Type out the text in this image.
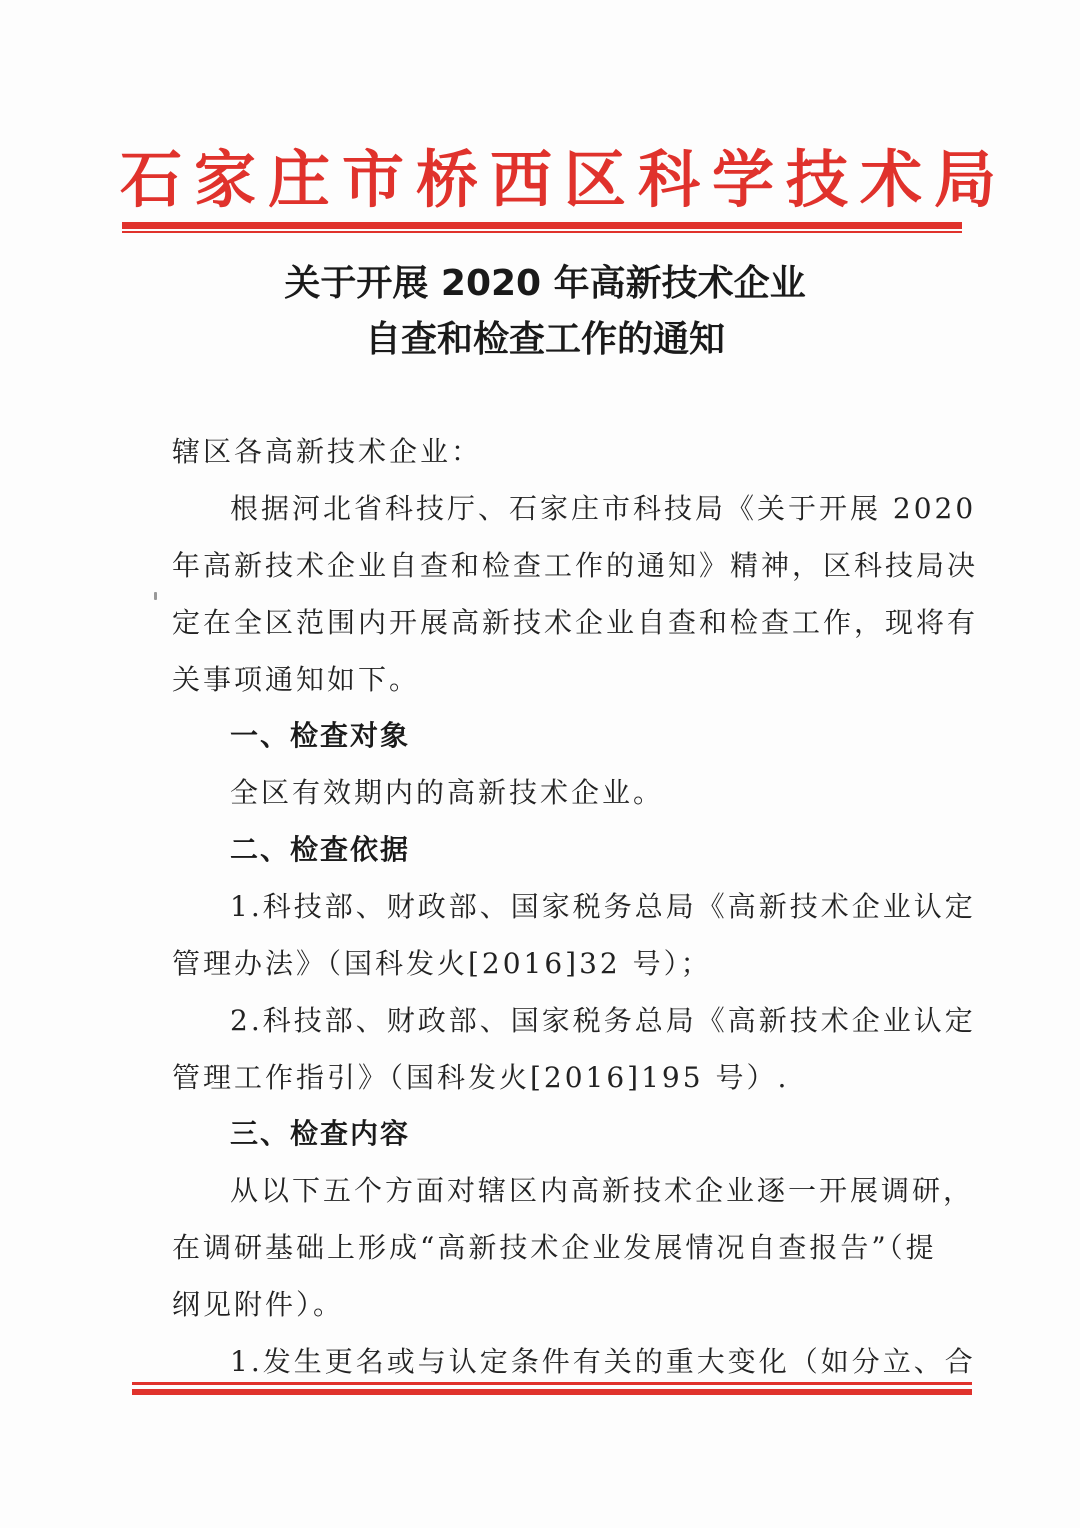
石家庄市桥西区科学技术局
关于开展 2020 年高新技术企业
自查和检查工作的通知
辖区各高新技术企业：
根据河北省科技厅、石家庄市科技局《关于开展 2020
年高新技术企业自查和检查工作的通知》精神，区科技局决
定在全区范围内开展高新技术企业自查和检查工作，现将有
关事项通知如下。
一、检查对象
全区有效期内的高新技术企业。
二、检查依据
1.科技部、财政部、国家税务总局《高新技术企业认定
管理办法》（国科发火[2016]32 号）；
2.科技部、财政部、国家税务总局《高新技术企业认定
管理工作指引》（国科发火[2016]195 号）.
三、检查内容
从以下五个方面对辖区内高新技术企业逐一开展调研，
在调研基础上形成“高新技术企业发展情况自查报告”（提
纲见附件）。
1.发生更名或与认定条件有关的重大变化（如分立、合
